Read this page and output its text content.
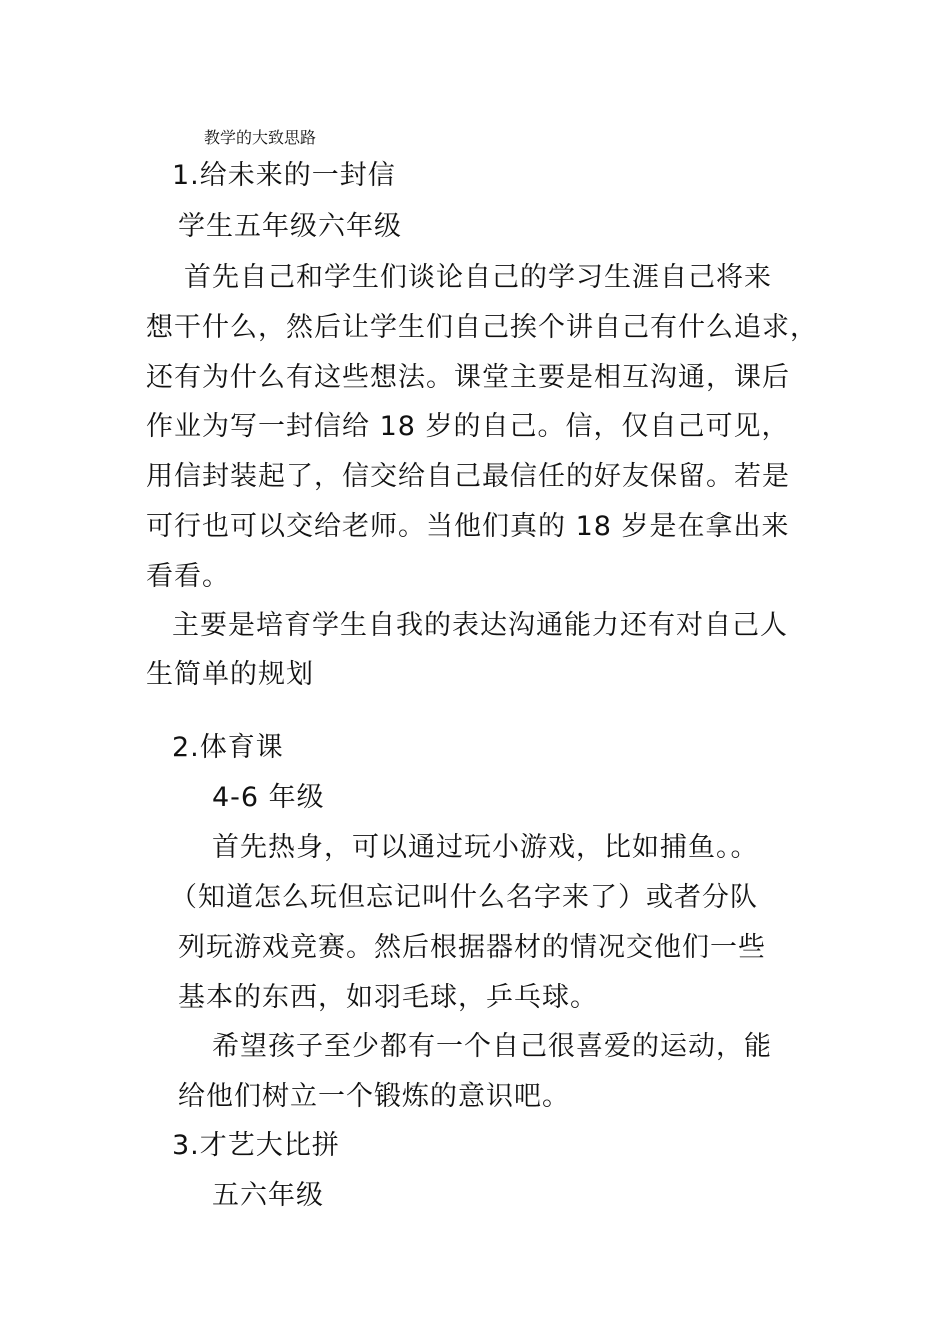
教学的大致思路
1.给未来的一封信
学生五年级六年级
首先自己和学生们谈论自己的学习生涯自己将来
想干什么，然后让学生们自己挨个讲自己有什么追求，
还有为什么有这些想法。课堂主要是相互沟通，课后
作业为写一封信给 18 岁的自己。信，仅自己可见，
用信封装起了，信交给自己最信任的好友保留。若是
可行也可以交给老师。当他们真的 18 岁是在拿出来
看看。
主要是培育学生自我的表达沟通能力还有对自己人
生简单的规划
2.体育课
4-6 年级
首先热身，可以通过玩小游戏，比如捕鱼。。
（知道怎么玩但忘记叫什么名字来了）或者分队
列玩游戏竞赛。然后根据器材的情况交他们一些
基本的东西，如羽毛球，乒乓球。
希望孩子至少都有一个自己很喜爱的运动，能
给他们树立一个锻炼的意识吧。
3.才艺大比拼
五六年级
